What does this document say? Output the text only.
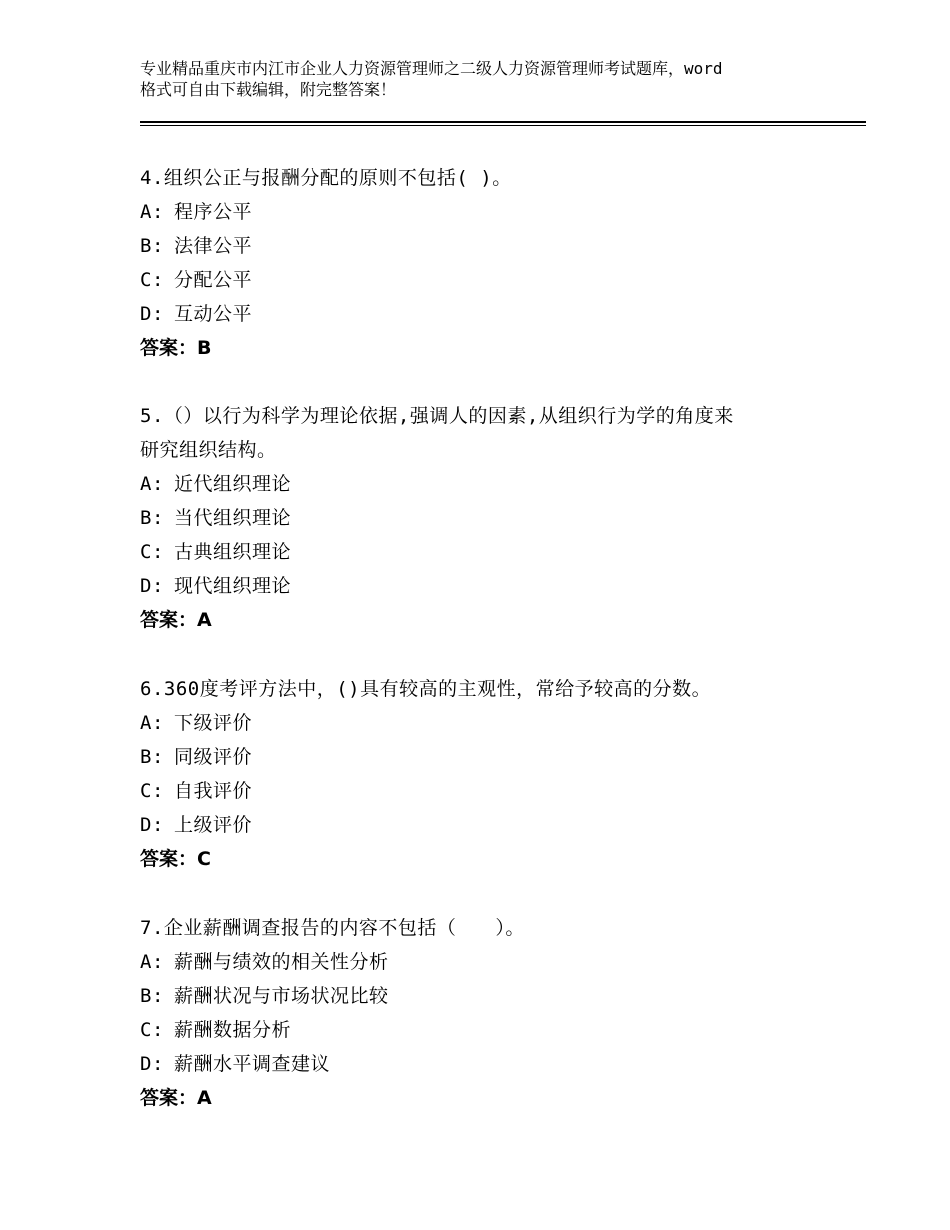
专业精品重庆市内江市企业人力资源管理师之二级人力资源管理师考试题库，word
格式可自由下载编辑，附完整答案！
4.组织公正与报酬分配的原则不包括( )。
A: 程序公平
B: 法律公平
C: 分配公平
D: 互动公平
答案：B
5.（）以行为科学为理论依据,强调人的因素,从组织行为学的角度来
研究组织结构。
A: 近代组织理论
B: 当代组织理论
C: 古典组织理论
D: 现代组织理论
答案：A
6.360度考评方法中，()具有较高的主观性，常给予较高的分数。
A: 下级评价
B: 同级评价
C: 自我评价
D: 上级评价
答案：C
7.企业薪酬调查报告的内容不包括（　　）。
A: 薪酬与绩效的相关性分析
B: 薪酬状况与市场状况比较
C: 薪酬数据分析
D: 薪酬水平调查建议
答案：A
